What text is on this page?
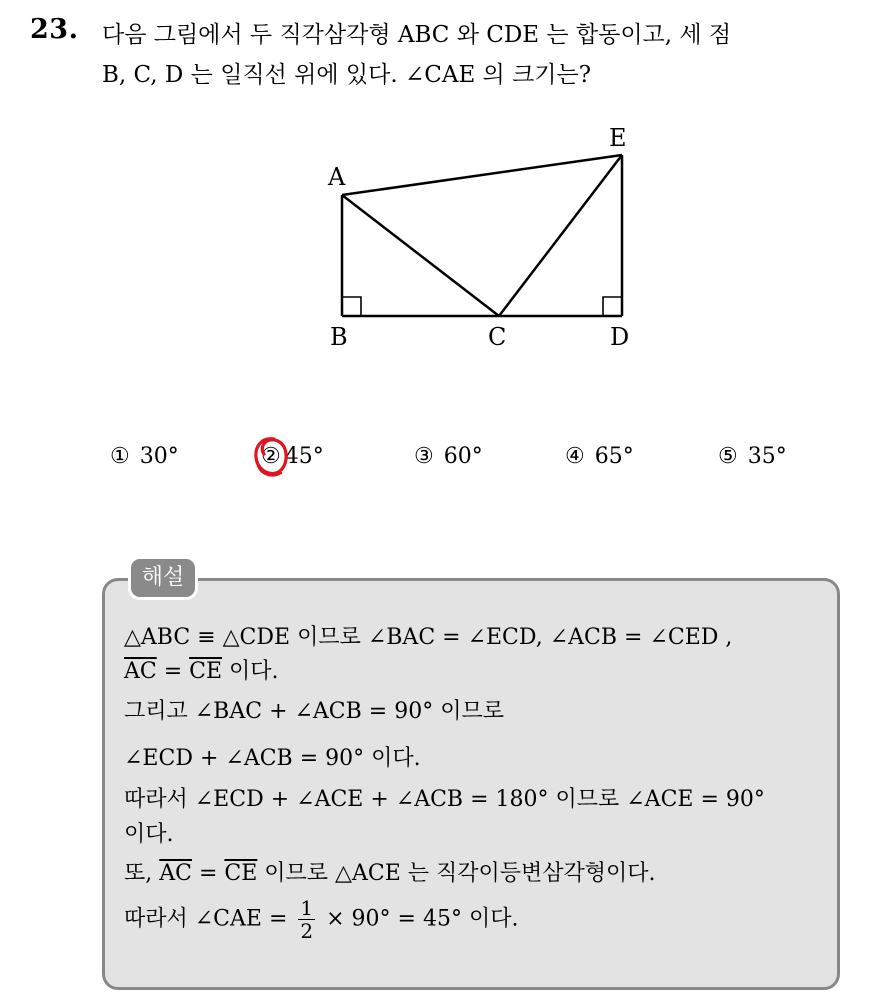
23. 다음 그림에서 두 직각삼각형 ABC 와 CDE 는 합동이고, 세 점
B, C, D 는 일직선 위에 있다. ∠CAE 의 크기는?
A
E
B	C	D
① 30°	② 45°	③ 60°	④ 65°	⑤ 35°
해설
△ABC ≡ △CDE 이므로 ∠BAC = ∠ECD, ∠ACB = ∠CED ,
$\overline{AC} = \overline{CE}$ 이다.
그리고 ∠BAC + ∠ACB = 90° 이므로
∠ECD + ∠ACB = 90° 이다.
따라서 ∠ECD + ∠ACE + ∠ACB = 180° 이므로 ∠ACE = 90°
이다.
또, $\overline{AC} = \overline{CE}$ 이므로 △ACE 는 직각이등변삼각형이다.
따라서 ∠CAE = $\frac{1}{2} \times 90^\circ = 45^\circ$ 이다.
